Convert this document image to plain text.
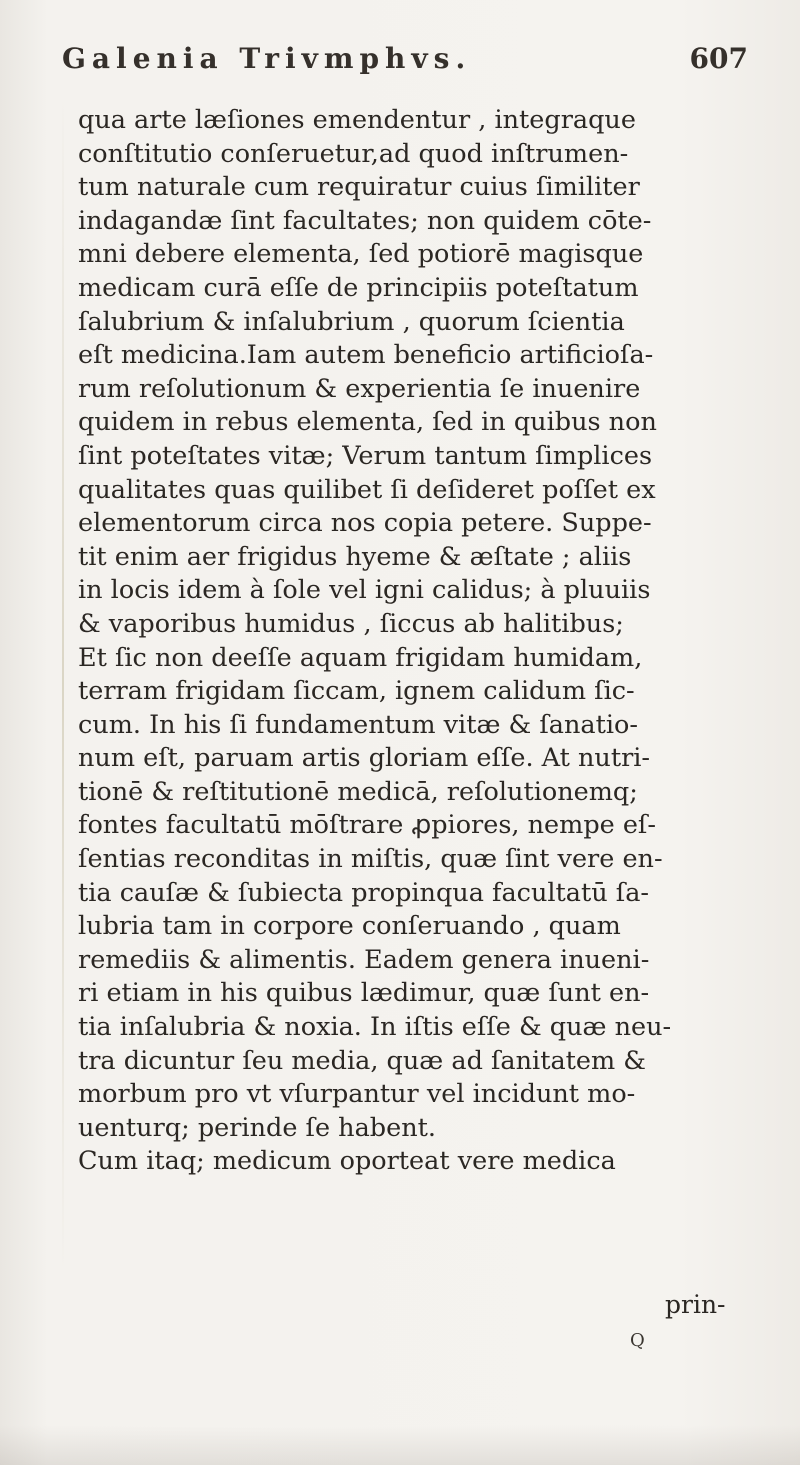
Galenia Trivmphvs.	607
qua arte læſiones emendentur , integraque
conſtitutio conſeruetur,ad quod inſtrumen-
tum naturale cum requiratur cuius ſimiliter
indagandæ ſint facultates; non quidem cōte-
mni debere elementa, ſed potiorē magisque
medicam curā eſſe de principiis poteſtatum
ſalubrium & inſalubrium , quorum ſcientia
eſt medicina.Iam autem beneficio artificioſa-
rum reſolutionum & experientia ſe inuenire
quidem in rebus elementa, ſed in quibus non
ſint poteſtates vitæ; Verum tantum ſimplices
qualitates quas quilibet ſi deſideret poſſet ex
elementorum circa nos copia petere. Suppe-
tit enim aer frigidus hyeme & æſtate ; aliis
in locis idem à ſole vel igni calidus; à pluuiis
& vaporibus humidus , ſiccus ab halitibus;
Et ſic non deeſſe aquam frigidam humidam,
terram frigidam ſiccam, ignem calidum ſic-
cum. In his ſi fundamentum vitæ & ſanatio-
num eſt, paruam artis gloriam eſſe. At nutri-
tionē & reſtitutionē medicā, reſolutionemq;
fontes facultatū mōſtrare ꝓpiores, nempe eſ-
ſentias reconditas in miſtis, quæ ſint vere en-
tia cauſæ & ſubiecta propinqua facultatū ſa-
lubria tam in corpore conſeruando , quam
remediis & alimentis. Eadem genera inueni-
ri etiam in his quibus lædimur, quæ ſunt en-
tia inſalubria & noxia. In iſtis eſſe & quæ neu-
tra dicuntur ſeu media, quæ ad ſanitatem &
morbum pro vt vſurpantur vel incidunt mo-
uenturq; perinde ſe habent.
Cum itaq; medicum oporteat vere medica
prin-
Q
